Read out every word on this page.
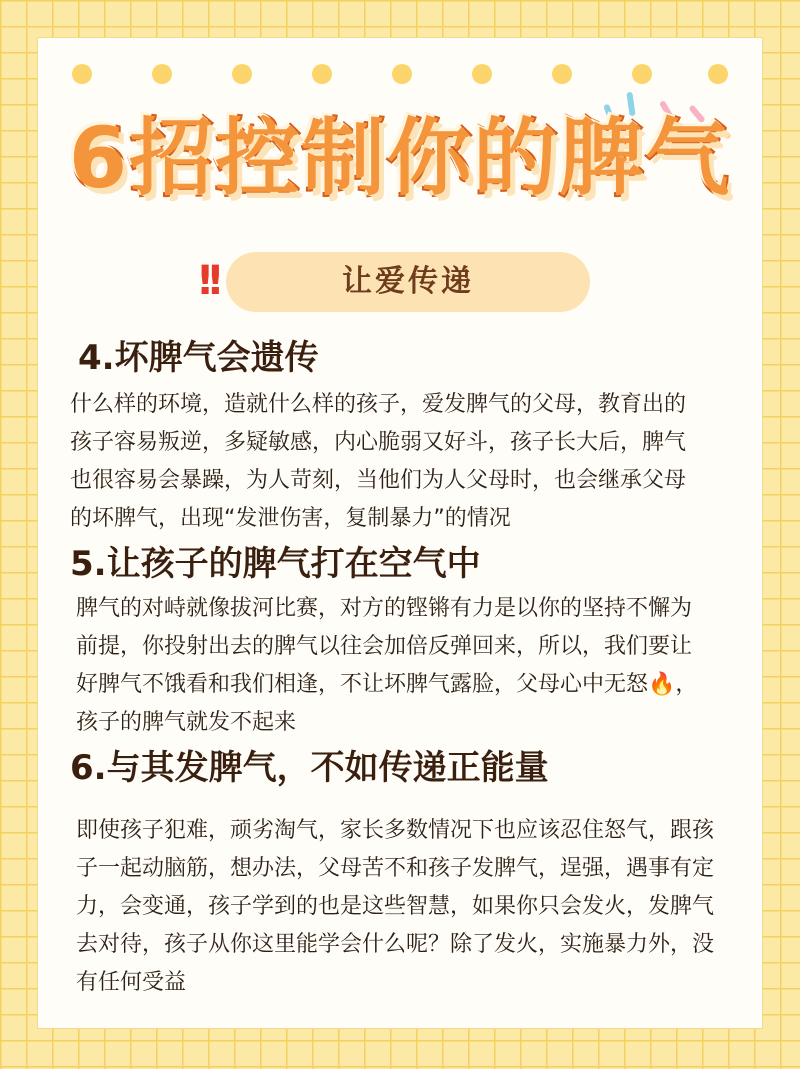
6招控制你的脾气
!!	让爱传递
4.坏脾气会遗传
什么样的环境，造就什么样的孩子，爱发脾气的父母，教育出的
孩子容易叛逆，多疑敏感，内心脆弱又好斗，孩子长大后，脾气
也很容易会暴躁，为人苛刻，当他们为人父母时，也会继承父母
的坏脾气，出现“发泄伤害，复制暴力”的情况
5.让孩子的脾气打在空气中
脾气的对峙就像拔河比赛，对方的铿锵有力是以你的坚持不懈为
前提，你投射出去的脾气以往会加倍反弹回来，所以，我们要让
好脾气不饿看和我们相逢，不让坏脾气露脸，父母心中无怒🔥，
孩子的脾气就发不起来
6.与其发脾气，不如传递正能量
即使孩子犯难，顽劣淘气，家长多数情况下也应该忍住怒气，跟孩
子一起动脑筋，想办法，父母苦不和孩子发脾气，逞强，遇事有定
力，会变通，孩子学到的也是这些智慧，如果你只会发火，发脾气
去对待，孩子从你这里能学会什么呢？除了发火，实施暴力外，没
有任何受益
